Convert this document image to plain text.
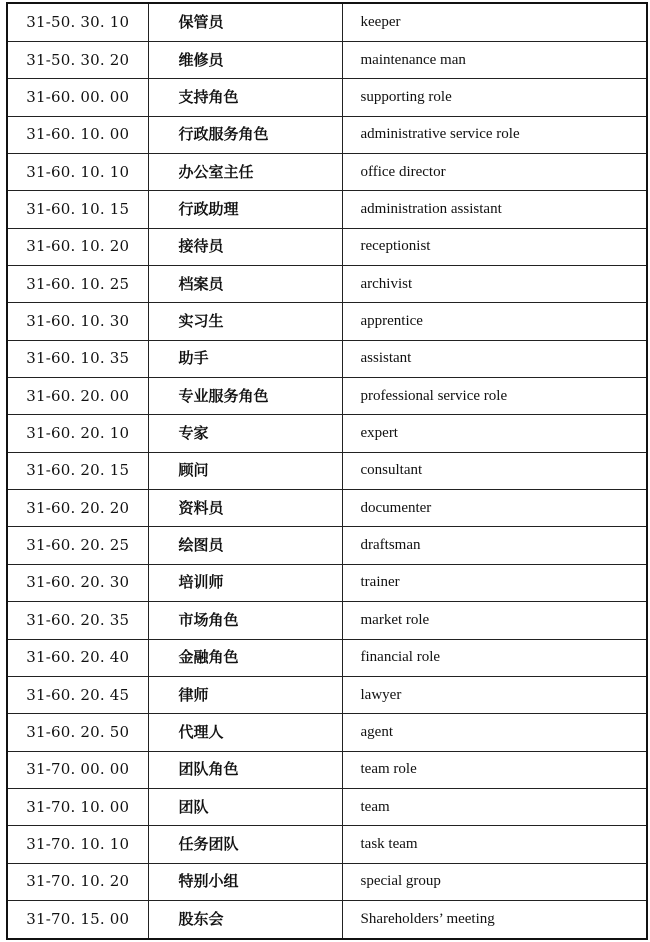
31-50. 30. 10	保管员	keeper
31-50. 30. 20	维修员	maintenance man
31-60. 00. 00	支持角色	supporting role
31-60. 10. 00	行政服务角色	administrative service role
31-60. 10. 10	办公室主任	office director
31-60. 10. 15	行政助理	administration assistant
31-60. 10. 20	接待员	receptionist
31-60. 10. 25	档案员	archivist
31-60. 10. 30	实习生	apprentice
31-60. 10. 35	助手	assistant
31-60. 20. 00	专业服务角色	professional service role
31-60. 20. 10	专家	expert
31-60. 20. 15	顾问	consultant
31-60. 20. 20	资料员	documenter
31-60. 20. 25	绘图员	draftsman
31-60. 20. 30	培训师	trainer
31-60. 20. 35	市场角色	market role
31-60. 20. 40	金融角色	financial role
31-60. 20. 45	律师	lawyer
31-60. 20. 50	代理人	agent
31-70. 00. 00	团队角色	team role
31-70. 10. 00	团队	team
31-70. 10. 10	任务团队	task team
31-70. 10. 20	特别小组	special group
31-70. 15. 00	股东会	Shareholders’ meeting
